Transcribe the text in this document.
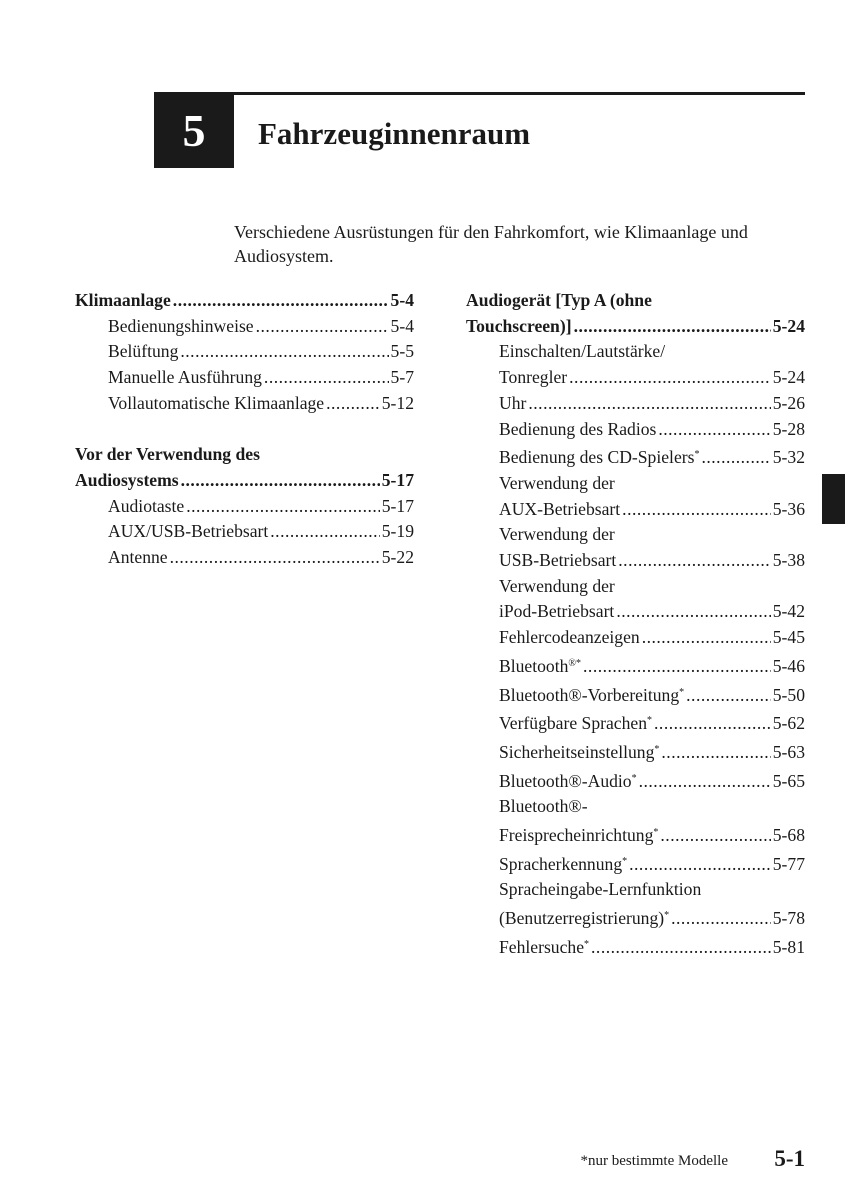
5 Fahrzeuginnenraum
Verschiedene Ausrüstungen für den Fahrkomfort, wie Klimaanlage und Audiosystem.
Klimaanlage .....	5-4
Bedienungshinweise .....	5-4
Belüftung .....	5-5
Manuelle Ausführung .....	5-7
Vollautomatische Klimaanlage .....	5-12
Vor der Verwendung des
Audiosystems .....	5-17
Audiotaste .....	5-17
AUX/USB-Betriebsart .....	5-19
Antenne .....	5-22
Audiogerät [Typ A (ohne
Touchscreen)] .....	5-24
Einschalten/Lautstärke/
Tonregler .....	5-24
Uhr .....	5-26
Bedienung des Radios .....	5-28
Bedienung des CD-Spielers* .....	5-32
Verwendung der
AUX-Betriebsart .....	5-36
Verwendung der
USB-Betriebsart .....	5-38
Verwendung der
iPod-Betriebsart .....	5-42
Fehlercodeanzeigen .....	5-45
Bluetooth®* .....	5-46
Bluetooth®-Vorbereitung* .....	5-50
Verfügbare Sprachen* .....	5-62
Sicherheitseinstellung* .....	5-63
Bluetooth®-Audio* .....	5-65
Bluetooth®-
Freisprecheinrichtung* .....	5-68
Spracherkennung* .....	5-77
Spracheingabe-Lernfunktion
(Benutzerregistrierung)* .....	5-78
Fehlersuche* .....	5-81
*nur bestimmte Modelle 5-1
